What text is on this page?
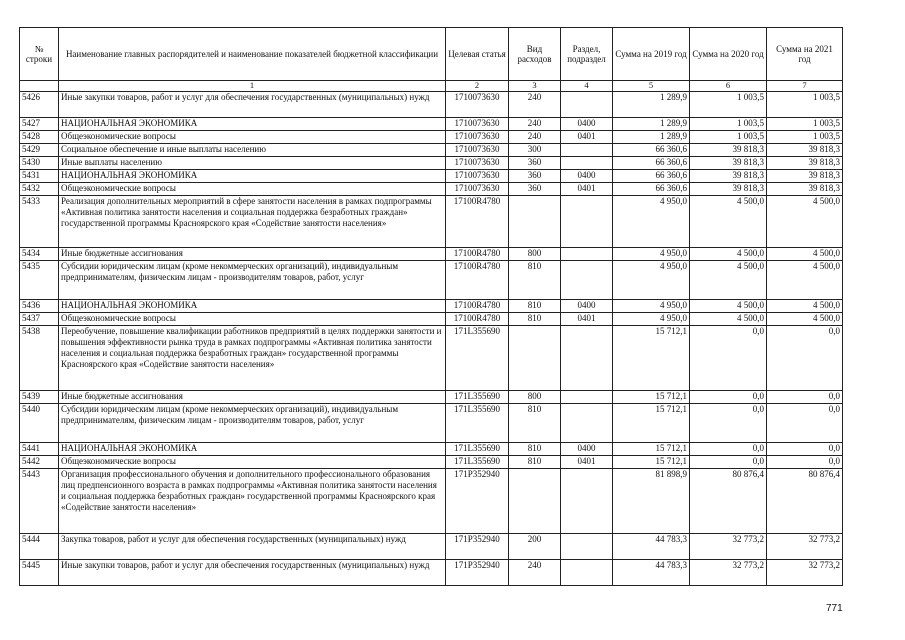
№ строки	Наименование главных распорядителей и наименование показателей бюджетной классификации	Целевая статья	Вид расходов	Раздел, подраздел	Сумма на 2019 год	Сумма на 2020 год	Сумма на 2021 год
	1	2	3	4	5	6	7
5426	Иные закупки товаров, работ и услуг для обеспечения государственных (муниципальных) нужд	1710073630	240		1 289,9	1 003,5	1 003,5
5427	НАЦИОНАЛЬНАЯ ЭКОНОМИКА	1710073630	240	0400	1 289,9	1 003,5	1 003,5
5428	Общеэкономические вопросы	1710073630	240	0401	1 289,9	1 003,5	1 003,5
5429	Социальное обеспечение и иные выплаты населению	1710073630	300		66 360,6	39 818,3	39 818,3
5430	Иные выплаты населению	1710073630	360		66 360,6	39 818,3	39 818,3
5431	НАЦИОНАЛЬНАЯ ЭКОНОМИКА	1710073630	360	0400	66 360,6	39 818,3	39 818,3
5432	Общеэкономические вопросы	1710073630	360	0401	66 360,6	39 818,3	39 818,3
5433	Реализация дополнительных мероприятий в сфере занятости населения в рамках подпрограммы «Активная политика занятости населения и социальная поддержка безработных граждан» государственной программы Красноярского края «Содействие занятости населения»	17100R4780			4 950,0	4 500,0	4 500,0
5434	Иные бюджетные ассигнования	17100R4780	800		4 950,0	4 500,0	4 500,0
5435	Субсидии юридическим лицам (кроме некоммерческих организаций), индивидуальным предпринимателям, физическим лицам - производителям товаров, работ, услуг	17100R4780	810		4 950,0	4 500,0	4 500,0
5436	НАЦИОНАЛЬНАЯ ЭКОНОМИКА	17100R4780	810	0400	4 950,0	4 500,0	4 500,0
5437	Общеэкономические вопросы	17100R4780	810	0401	4 950,0	4 500,0	4 500,0
5438	Переобучение, повышение квалификации работников предприятий в целях поддержки занятости и повышения эффективности рынка труда в рамках подпрограммы «Активная политика занятости населения и социальная поддержка безработных граждан» государственной программы Красноярского края «Содействие занятости населения»	171L355690			15 712,1	0,0	0,0
5439	Иные бюджетные ассигнования	171L355690	800		15 712,1	0,0	0,0
5440	Субсидии юридическим лицам (кроме некоммерческих организаций), индивидуальным предпринимателям, физическим лицам - производителям товаров, работ, услуг	171L355690	810		15 712,1	0,0	0,0
5441	НАЦИОНАЛЬНАЯ ЭКОНОМИКА	171L355690	810	0400	15 712,1	0,0	0,0
5442	Общеэкономические вопросы	171L355690	810	0401	15 712,1	0,0	0,0
5443	Организация профессионального обучения и дополнительного профессионального образования лиц предпенсионного возраста в рамках подпрограммы «Активная политика занятости населения и социальная поддержка безработных граждан» государственной программы Красноярского края «Содействие занятости населения»	171P352940			81 898,9	80 876,4	80 876,4
5444	Закупка товаров, работ и услуг для обеспечения государственных (муниципальных) нужд	171P352940	200		44 783,3	32 773,2	32 773,2
5445	Иные закупки товаров, работ и услуг для обеспечения государственных (муниципальных) нужд	171P352940	240		44 783,3	32 773,2	32 773,2
771
